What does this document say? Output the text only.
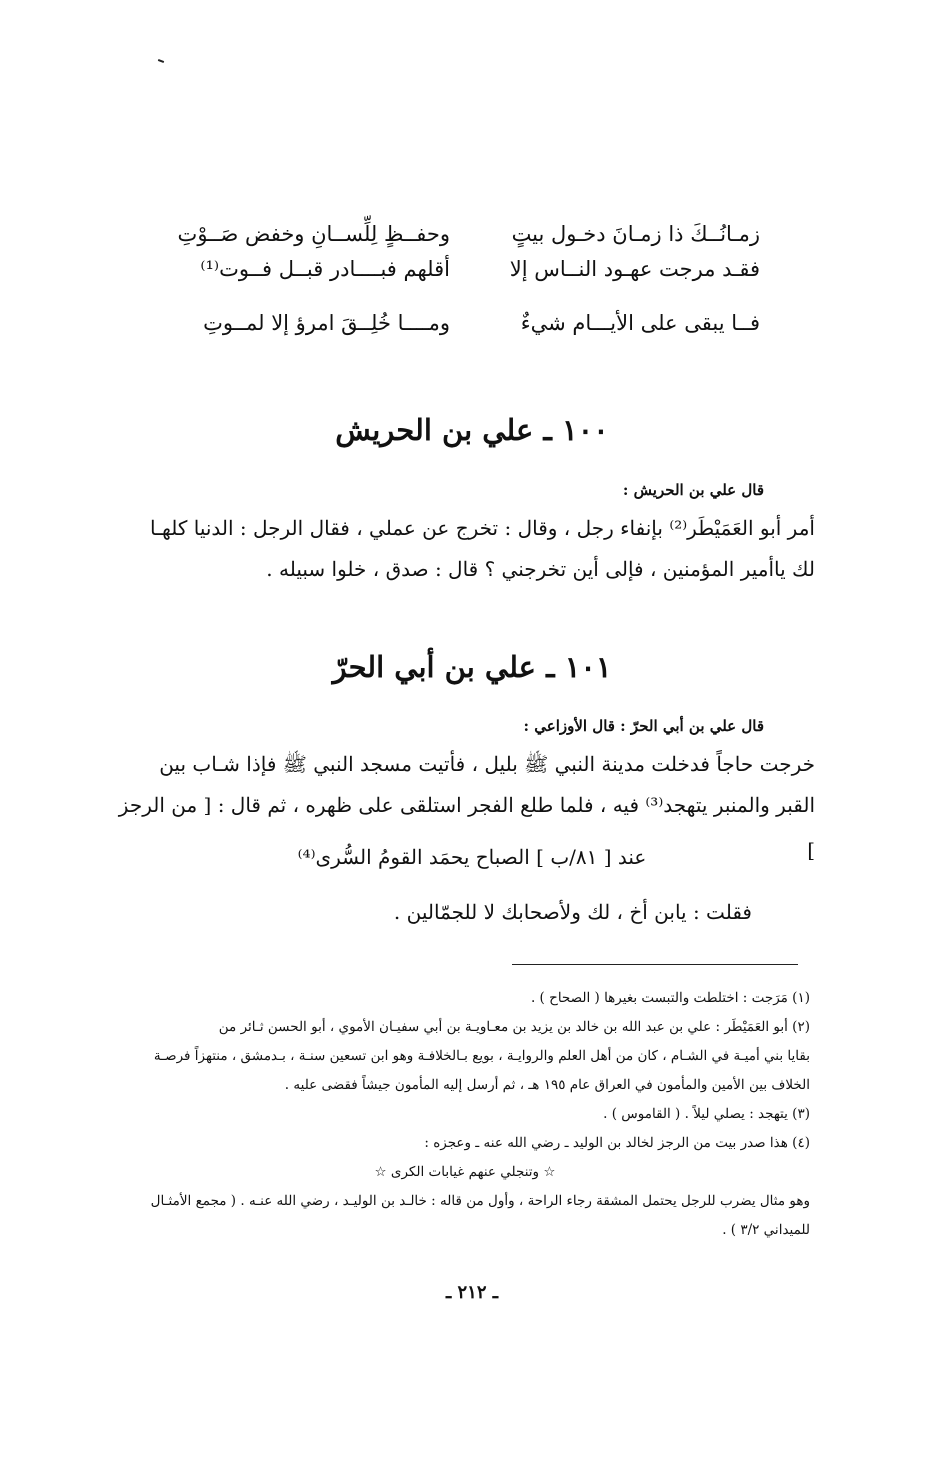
زمـانُــكَ ذا زمـانَ دخـول بيتٍ
وحفــظٍ لِلِّســانِ وخفض صَــوْتِ
فقـد مرجت عهـود النــاس إلا
أقلهم فبــــادر قبــل فــوت⁽¹⁾
فــا يبقى على الأيـــام شيءٌ
ومــــا خُلِــقَ امرؤ إلا لمــوتِ
١٠٠ ـ علي بن الحريش
قال علي بن الحريش :
أمر أبو العَمَيْطَر⁽²⁾ بإنفاء رجل ، وقال : تخرج عن عملي ، فقال الرجل : الدنيا كلهـا
لك ياأمير المؤمنين ، فإلى أين تخرجني ؟ قال : صدق ، خلوا سبيله .
١٠١ ـ علي بن أبي الحرّ
قال علي بن أبي الحرّ : قال الأوزاعي :
خرجت حاجاً فدخلت مدينة النبي ﷺ بليل ، فأتيت مسجد النبي ﷺ فإذا شـاب بين
القبر والمنبر يتهجد⁽³⁾ فيه ، فلما طلع الفجر استلقى على ظهره ، ثم قال : [ من الرجز ]
عند [ ٨١/ب ] الصباح يحمَد القومُ السُّرى⁽⁴⁾
فقلت : يابن أخ ، لك ولأصحابك لا للجمّالين .
(١) مَرَجت : اختلطت والتبست بغيرها ( الصحاح ) .
(٢) أبو العَمَيْطَر : علي بن عبد الله بن خالد بن يزيد بن معـاويـة بن أبي سفيـان الأموي ، أبو الحسن ثـائر من
بقايا بني أميـة في الشـام ، كان من أهل العلم والروايـة ، بويع بـالخلافـة وهو ابن تسعين سنـة ، بـدمشق ، منتهزاً فرصـة
الخلاف بين الأمين والمأمون في العراق عام ١٩٥ هـ ، ثم أرسل إليه المأمون جيشاً فقضى عليه .
(٣) يتهجد : يصلي ليلاً . ( القاموس ) .
(٤) هذا صدر بيت من الرجز لخالد بن الوليد ـ رضي الله عنه ـ وعجزه :
☆ وتنجلي عنهم غيابات الكرى ☆
وهو مثال يضرب للرجل يحتمل المشقة رجاء الراحة ، وأول من قاله : خالـد بن الوليـد ، رضي الله عنـه . ( مجمع الأمثـال
للميداني ٣/٢ ) .
ـ ٢١٢ ـ
